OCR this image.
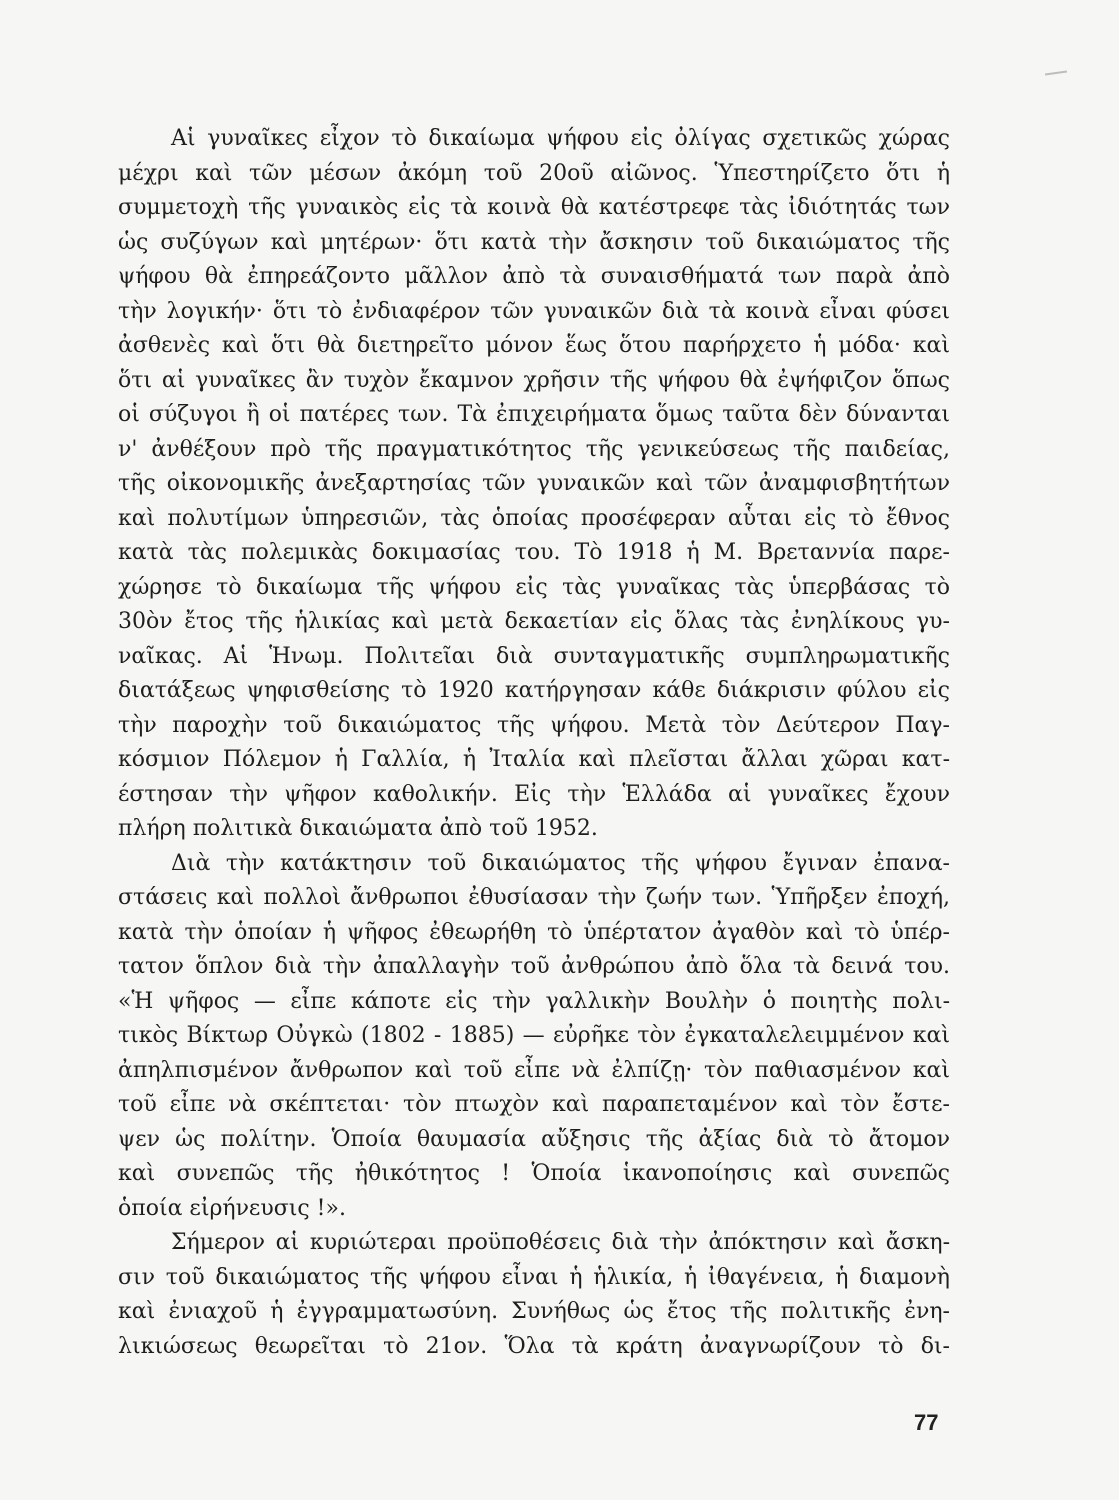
Αἱ γυναῖκες εἶχον τὸ δικαίωμα ψήφου εἰς ὀλίγας σχετικῶς χώρας
μέχρι καὶ τῶν μέσων ἀκόμη τοῦ 20οῦ αἰῶνος. Ὑπεστηρίζετο ὅτι ἡ
συμμετοχὴ τῆς γυναικὸς εἰς τὰ κοινὰ θὰ κατέστρεφε τὰς ἰδιότητάς των
ὡς συζύγων καὶ μητέρων· ὅτι κατὰ τὴν ἄσκησιν τοῦ δικαιώματος τῆς
ψήφου θὰ ἐπηρεάζοντο μᾶλλον ἀπὸ τὰ συναισθήματά των παρὰ ἀπὸ
τὴν λογικήν· ὅτι τὸ ἐνδιαφέρον τῶν γυναικῶν διὰ τὰ κοινὰ εἶναι φύσει
ἀσθενὲς καὶ ὅτι θὰ διετηρεῖτο μόνον ἕως ὅτου παρήρχετο ἡ μόδα· καὶ
ὅτι αἱ γυναῖκες ἂν τυχὸν ἔκαμνον χρῆσιν τῆς ψήφου θὰ ἐψήφιζον ὅπως
οἱ σύζυγοι ἢ οἱ πατέρες των. Τὰ ἐπιχειρήματα ὅμως ταῦτα δὲν δύνανται
ν' ἀνθέξουν πρὸ τῆς πραγματικότητος τῆς γενικεύσεως τῆς παιδείας,
τῆς οἰκονομικῆς ἀνεξαρτησίας τῶν γυναικῶν καὶ τῶν ἀναμφισβητήτων
καὶ πολυτίμων ὑπηρεσιῶν, τὰς ὁποίας προσέφεραν αὗται εἰς τὸ ἔθνος
κατὰ τὰς πολεμικὰς δοκιμασίας του. Τὸ 1918 ἡ Μ. Βρεταννία παρε-
χώρησε τὸ δικαίωμα τῆς ψήφου εἰς τὰς γυναῖκας τὰς ὑπερβάσας τὸ
30ὸν ἔτος τῆς ἡλικίας καὶ μετὰ δεκαετίαν εἰς ὅλας τὰς ἐνηλίκους γυ-
ναῖκας. Αἱ Ἡνωμ. Πολιτεῖαι διὰ συνταγματικῆς συμπληρωματικῆς
διατάξεως ψηφισθείσης τὸ 1920 κατήργησαν κάθε διάκρισιν φύλου εἰς
τὴν παροχὴν τοῦ δικαιώματος τῆς ψήφου. Μετὰ τὸν Δεύτερον Παγ-
κόσμιον Πόλεμον ἡ Γαλλία, ἡ Ἰταλία καὶ πλεῖσται ἄλλαι χῶραι κατ-
έστησαν τὴν ψῆφον καθολικήν. Εἰς τὴν Ἑλλάδα αἱ γυναῖκες ἔχουν
πλήρη πολιτικὰ δικαιώματα ἀπὸ τοῦ 1952.

Διὰ τὴν κατάκτησιν τοῦ δικαιώματος τῆς ψήφου ἔγιναν ἐπανα-
στάσεις καὶ πολλοὶ ἄνθρωποι ἐθυσίασαν τὴν ζωήν των. Ὑπῆρξεν ἐποχή,
κατὰ τὴν ὁποίαν ἡ ψῆφος ἐθεωρήθη τὸ ὑπέρτατον ἀγαθὸν καὶ τὸ ὑπέρ-
τατον ὅπλον διὰ τὴν ἀπαλλαγὴν τοῦ ἀνθρώπου ἀπὸ ὅλα τὰ δεινά του.
«Ἡ ψῆφος — εἶπε κάποτε εἰς τὴν γαλλικὴν Βουλὴν ὁ ποιητὴς πολι-
τικὸς Βίκτωρ Οὐγκὼ (1802 - 1885) — εὐρῆκε τὸν ἐγκαταλελειμμένον καὶ
ἀπηλπισμένον ἄνθρωπον καὶ τοῦ εἶπε νὰ ἐλπίζῃ· τὸν παθιασμένον καὶ
τοῦ εἶπε νὰ σκέπτεται· τὸν πτωχὸν καὶ παραπεταμένον καὶ τὸν ἔστε-
ψεν ὡς πολίτην. Ὁποία θαυμασία αὔξησις τῆς ἀξίας διὰ τὸ ἄτομον
καὶ συνεπῶς τῆς ἠθικότητος ! Ὁποία ἱκανοποίησις καὶ συνεπῶς
ὁποία εἰρήνευσις !».

Σήμερον αἱ κυριώτεραι προϋποθέσεις διὰ τὴν ἀπόκτησιν καὶ ἄσκη-
σιν τοῦ δικαιώματος τῆς ψήφου εἶναι ἡ ἡλικία, ἡ ἰθαγένεια, ἡ διαμονὴ
καὶ ἐνιαχοῦ ἡ ἐγγραμματωσύνη. Συνήθως ὡς ἔτος τῆς πολιτικῆς ἐνη-
λικιώσεως θεωρεῖται τὸ 21ον. Ὅλα τὰ κράτη ἀναγνωρίζουν τὸ δι-

77
